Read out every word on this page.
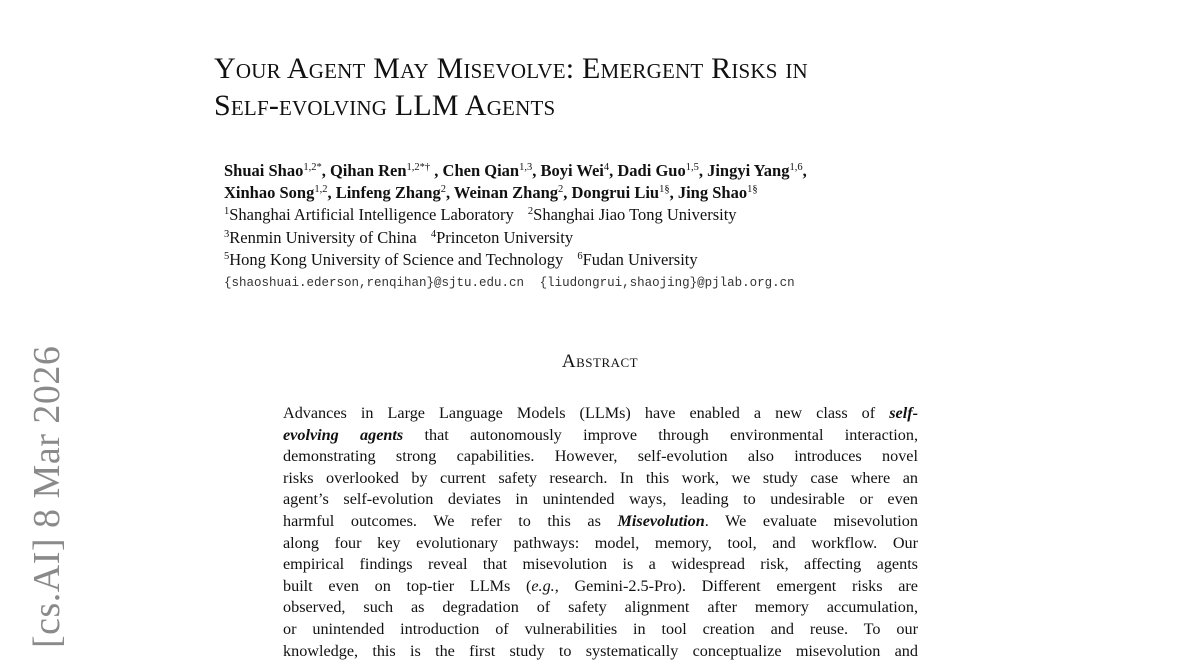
Your Agent May Misevolve: Emergent Risks in
Self-evolving LLM Agents
Shuai Shao$^{1,2*}$, Qihan Ren$^{1,2*\dagger}$ , Chen Qian$^{1,3}$, Boyi Wei$^4$, Dadi Guo$^{1,5}$, Jingyi Yang$^{1,6}$,
Xinhao Song$^{1,2}$, Linfeng Zhang$^2$, Weinan Zhang$^2$, Dongrui Liu$^{1\S}$, Jing Shao$^{1\S}$
$^1$Shanghai Artificial Intelligence Laboratory $^2$Shanghai Jiao Tong University
$^3$Renmin University of China $^4$Princeton University
$^5$Hong Kong University of Science and Technology $^6$Fudan University
{shaoshuai.ederson,renqihan}@sjtu.edu.cn {liudongrui,shaojing}@pjlab.org.cn
[cs.AI] 8 Mar 2026	Abstract
Advances in Large Language Models (LLMs) have enabled a new class of self-
evolving agents that autonomously improve through environmental interaction,
demonstrating strong capabilities. However, self-evolution also introduces novel
risks overlooked by current safety research. In this work, we study case where an
agent’s self-evolution deviates in unintended ways, leading to undesirable or even
harmful outcomes. We refer to this as Misevolution. We evaluate misevolution
along four key evolutionary pathways: model, memory, tool, and workflow. Our
empirical findings reveal that misevolution is a widespread risk, affecting agents
built even on top-tier LLMs (e.g., Gemini-2.5-Pro). Different emergent risks are
observed, such as degradation of safety alignment after memory accumulation,
or unintended introduction of vulnerabilities in tool creation and reuse. To our
knowledge, this is the first study to systematically conceptualize misevolution and
